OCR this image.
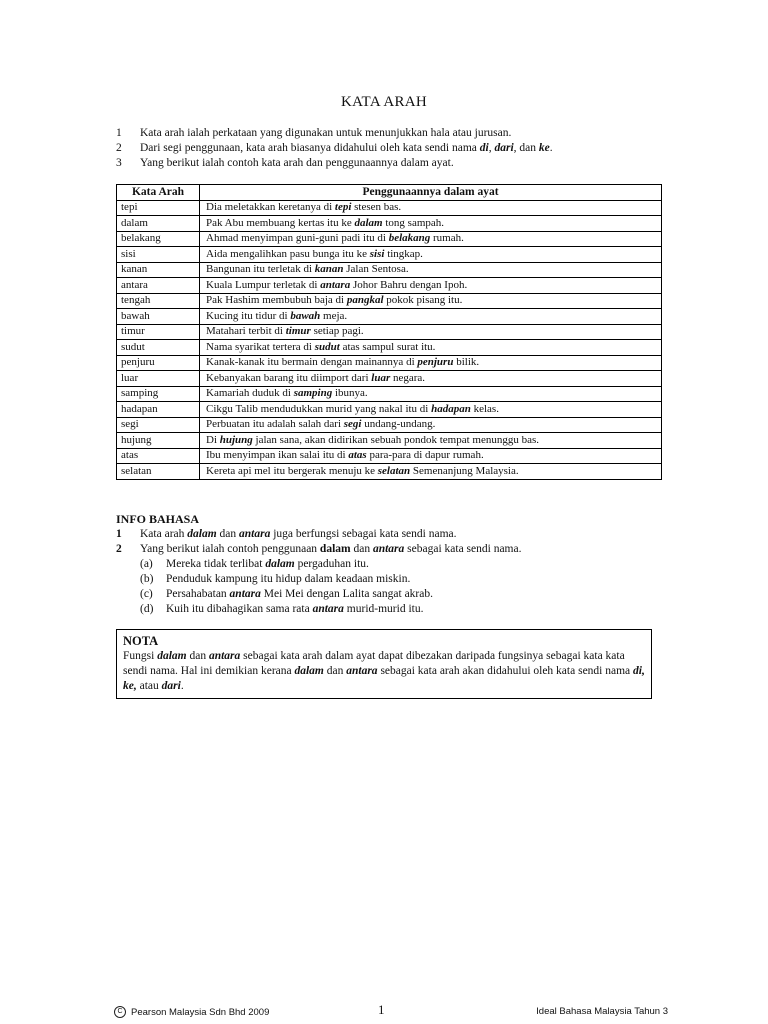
KATA ARAH
1	Kata arah ialah perkataan yang digunakan untuk menunjukkan hala atau jurusan.
2	Dari segi penggunaan, kata arah biasanya didahului oleh kata sendi nama di, dari, dan ke.
3	Yang berikut ialah contoh kata arah dan penggunaannya dalam ayat.
Kata Arah	Penggunaannya dalam ayat
tepi	Dia meletakkan keretanya di tepi stesen bas.
dalam	Pak Abu membuang kertas itu ke dalam tong sampah.
belakang	Ahmad menyimpan guni-guni padi itu di belakang rumah.
sisi	Aida mengalihkan pasu bunga itu ke sisi tingkap.
kanan	Bangunan itu terletak di kanan Jalan Sentosa.
antara	Kuala Lumpur terletak di antara Johor Bahru dengan Ipoh.
tengah	Pak Hashim membubuh baja di pangkal pokok pisang itu.
bawah	Kucing itu tidur di bawah meja.
timur	Matahari terbit di timur setiap pagi.
sudut	Nama syarikat tertera di sudut atas sampul surat itu.
penjuru	Kanak-kanak itu bermain dengan mainannya di penjuru bilik.
luar	Kebanyakan barang itu diimport dari luar negara.
samping	Kamariah duduk di samping ibunya.
hadapan	Cikgu Talib mendudukkan murid yang nakal itu di hadapan kelas.
segi	Perbuatan itu adalah salah dari segi undang-undang.
hujung	Di hujung jalan sana, akan didirikan sebuah pondok tempat menunggu bas.
atas	Ibu menyimpan ikan salai itu di atas para-para di dapur rumah.
selatan	Kereta api mel itu bergerak menuju ke selatan Semenanjung Malaysia.
INFO BAHASA
1	Kata arah dalam dan antara juga berfungsi sebagai kata sendi nama.
2	Yang berikut ialah contoh penggunaan dalam dan antara sebagai kata sendi nama.
(a)	Mereka tidak terlibat dalam pergaduhan itu.
(b)	Penduduk kampung itu hidup dalam keadaan miskin.
(c)	Persahabatan antara Mei Mei dengan Lalita sangat akrab.
(d)	Kuih itu dibahagikan sama rata antara murid-murid itu.
NOTA
Fungsi dalam dan antara sebagai kata arah dalam ayat dapat dibezakan daripada fungsinya sebagai kata kata sendi nama. Hal ini demikian kerana dalam dan antara sebagai kata arah akan didahului oleh kata sendi nama di, ke, atau dari.
C Pearson Malaysia Sdn Bhd 2009	1	Ideal Bahasa Malaysia Tahun 3
